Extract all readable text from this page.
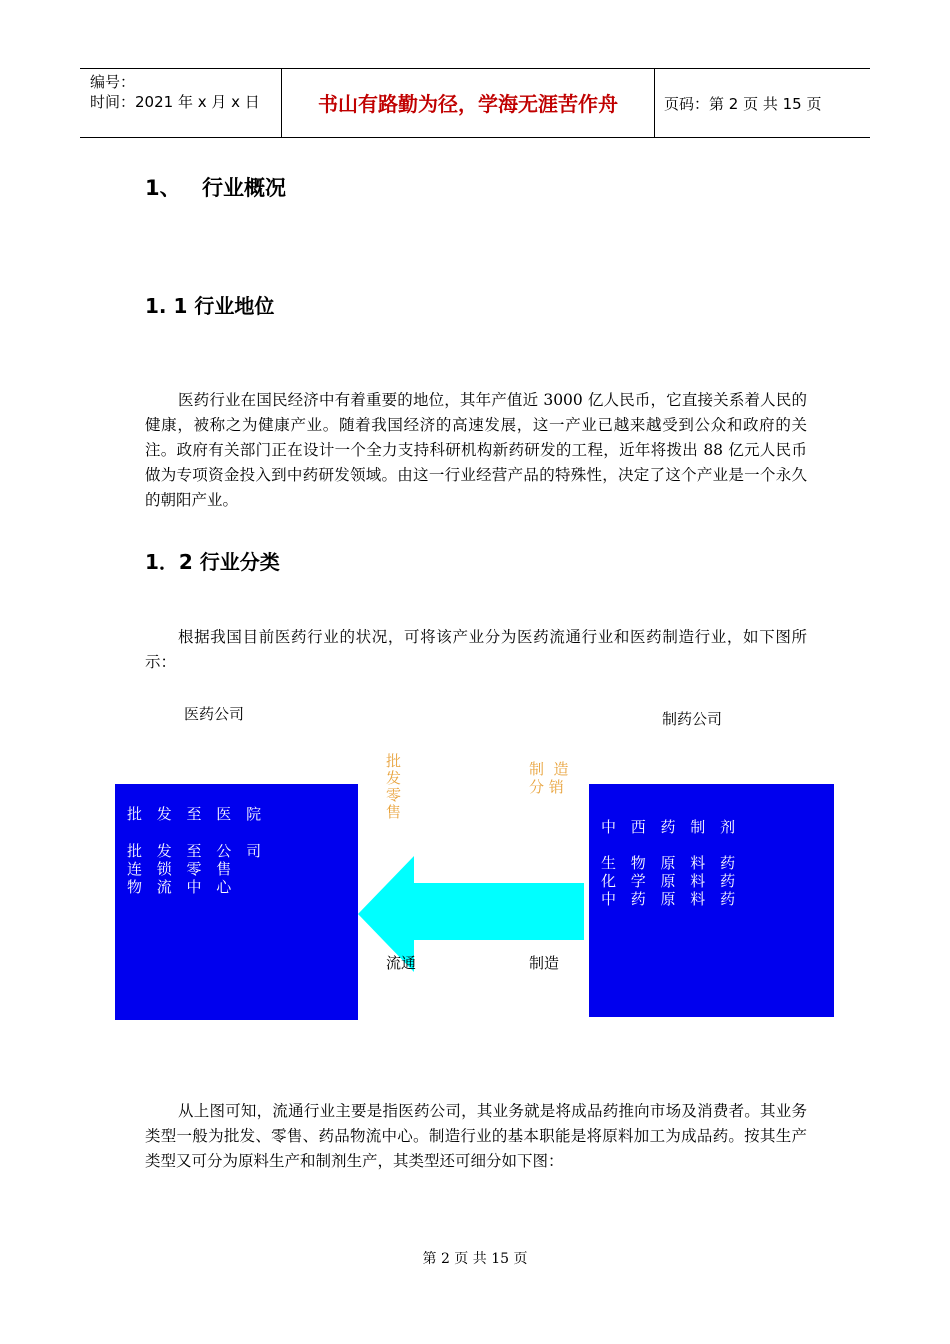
编号：
时间：2021 年 x 月 x 日	书山有路勤为径，学海无涯苦作舟	页码：第 2 页 共 15 页
1、 行业概况
1. 1 行业地位
医药行业在国民经济中有着重要的地位，其年产值近 3000 亿人民币，它直接关系着人民的健康，被称之为健康产业。随着我国经济的高速发展，这一产业已越来越受到公众和政府的关注。政府有关部门正在设计一个全力支持科研机构新药研发的工程，近年将拨出 88 亿元人民币做为专项资金投入到中药研发领域。由这一行业经营产品的特殊性，决定了这个产业是一个永久的朝阳产业。
1．2 行业分类
根据我国目前医药行业的状况，可将该产业分为医药流通行业和医药制造行业，如下图所示：
医药公司	制药公司
批发零售
制  造
分 销
批 发 至 医 院
批 发 至 公 司
连 锁 零 售
物 流 中 心
中 西 药 制 剂
生 物 原 料 药
化 学 原 料 药
中 药 原 料 药
流通	制造
从上图可知，流通行业主要是指医药公司，其业务就是将成品药推向市场及消费者。其业务类型一般为批发、零售、药品物流中心。制造行业的基本职能是将原料加工为成品药。按其生产类型又可分为原料生产和制剂生产，其类型还可细分如下图：
第 2 页 共 15 页
